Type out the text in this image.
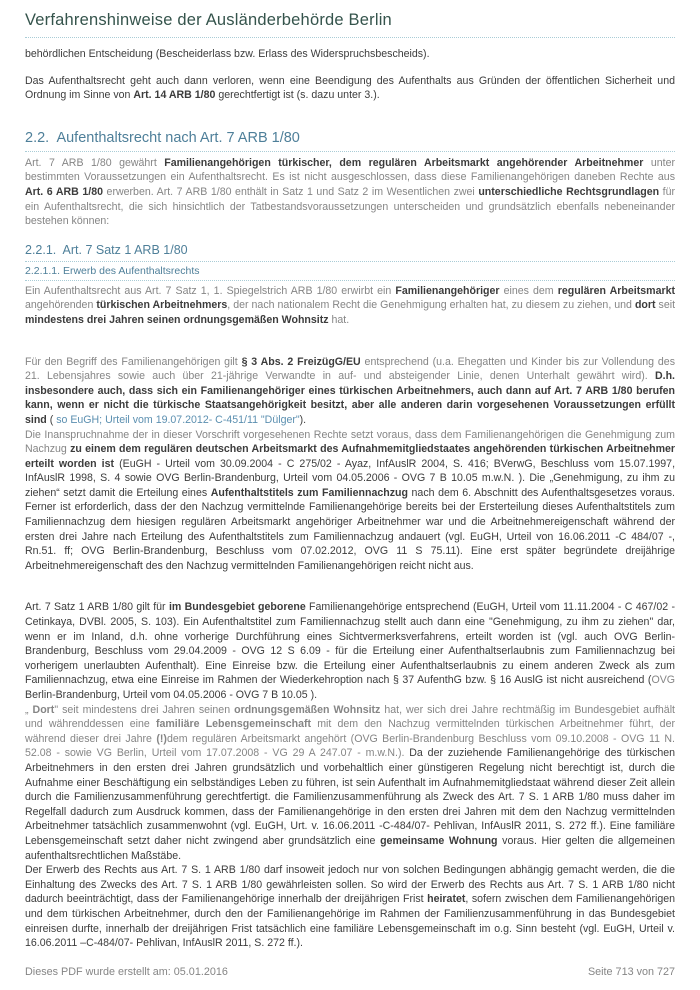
Verfahrenshinweise der Ausländerbehörde Berlin

behördlichen Entscheidung (Bescheiderlass bzw. Erlass des Widerspruchsbescheids).

Das Aufenthaltsrecht geht auch dann verloren, wenn eine Beendigung des Aufenthalts aus Gründen der öffentlichen Sicherheit und Ordnung im Sinne von Art. 14 ARB 1/80 gerechtfertigt ist (s. dazu unter 3.).

2.2.  Aufenthaltsrecht nach Art. 7 ARB 1/80

Art. 7 ARB 1/80 gewährt Familienangehörigen türkischer, dem regulären Arbeitsmarkt angehörender Arbeitnehmer unter bestimmten Voraussetzungen ein Aufenthaltsrecht. Es ist nicht ausgeschlossen, dass diese Familienangehörigen daneben Rechte aus Art. 6 ARB 1/80 erwerben. Art. 7 ARB 1/80 enthält in Satz 1 und Satz 2 im Wesentlichen zwei unterschiedliche Rechtsgrundlagen für ein Aufenthaltsrecht, die sich hinsichtlich der Tatbestandsvoraussetzungen unterscheiden und grundsätzlich ebenfalls nebeneinander bestehen können:

2.2.1.  Art. 7 Satz 1 ARB 1/80
2.2.1.1. Erwerb des Aufenthaltsrechts

Ein Aufenthaltsrecht aus Art. 7 Satz 1, 1. Spiegelstrich ARB 1/80 erwirbt ein Familienangehöriger eines dem regulären Arbeitsmarkt angehörenden türkischen Arbeitnehmers, der nach nationalem Recht die Genehmigung erhalten hat, zu diesem zu ziehen, und dort seit mindestens drei Jahren seinen ordnungsgemäßen Wohnsitz hat.

Für den Begriff des Familienangehörigen gilt § 3 Abs. 2 FreizügG/EU entsprechend (u.a. Ehegatten und Kinder bis zur Vollendung des 21. Lebensjahres sowie auch über 21-jährige Verwandte in auf- und absteigender Linie, denen Unterhalt gewährt wird). D.h. insbesondere auch, dass sich ein Familienangehöriger eines türkischen Arbeitnehmers, auch dann auf Art. 7 ARB 1/80 berufen kann, wenn er nicht die türkische Staatsangehörigkeit besitzt, aber alle anderen darin vorgesehenen Voraussetzungen erfüllt sind ( so EuGH; Urteil vom 19.07.2012- C-451/11 "Dülger").

Die Inanspruchnahme der in dieser Vorschrift vorgesehenen Rechte setzt voraus, dass dem Familienangehörigen die Genehmigung zum Nachzug zu einem dem regulären deutschen Arbeitsmarkt des Aufnahmemitgliedstaates angehörenden türkischen Arbeitnehmer erteilt worden ist (EuGH - Urteil vom 30.09.2004 - C 275/02 - Ayaz, InfAuslR 2004, S. 416; BVerwG, Beschluss vom 15.07.1997, InfAuslR 1998, S. 4 sowie OVG Berlin-Brandenburg, Urteil vom 04.05.2006 - OVG 7 B 10.05 m.w.N. ). Die „Genehmigung, zu ihm zu ziehen“ setzt damit die Erteilung eines Aufenthaltstitels zum Familiennachzug nach dem 6. Abschnitt des Aufenthaltsgesetzes voraus. Ferner ist erforderlich, dass der den Nachzug vermittelnde Familienangehörige bereits bei der Ersterteilung dieses Aufenthaltstitels zum Familiennachzug dem hiesigen regulären Arbeitsmarkt angehöriger Arbeitnehmer war und die Arbeitnehmereigenschaft während der ersten drei Jahre nach Erteilung des Aufenthaltstitels zum Familiennachzug andauert (vgl. EuGH, Urteil von 16.06.2011 -C 484/07 -, Rn.51. ff; OVG Berlin-Brandenburg, Beschluss vom 07.02.2012, OVG 11 S 75.11). Eine erst später begründete dreijährige Arbeitnehmereigenschaft des den Nachzug vermittelnden Familienangehörigen reicht nicht aus.

Art. 7 Satz 1 ARB 1/80 gilt für im Bundesgebiet geborene Familienangehörige entsprechend (EuGH, Urteil vom 11.11.2004 - C 467/02 - Cetinkaya, DVBl. 2005, S. 103). Ein Aufenthaltstitel zum Familiennachzug stellt auch dann eine "Genehmigung, zu ihm zu ziehen" dar, wenn er im Inland, d.h. ohne vorherige Durchführung eines Sichtvermerksverfahrens, erteilt worden ist (vgl. auch OVG Berlin-Brandenburg, Beschluss vom 29.04.2009 - OVG 12 S 6.09 - für die Erteilung einer Aufenthaltserlaubnis zum Familiennachzug bei vorherigem unerlaubten Aufenthalt). Eine Einreise bzw. die Erteilung einer Aufenthaltserlaubnis zu einem anderen Zweck als zum Familiennachzug, etwa eine Einreise im Rahmen der Wiederkehroption nach § 37 AufenthG bzw. § 16 AuslG ist nicht ausreichend (OVG Berlin-Brandenburg, Urteil vom 04.05.2006 - OVG 7 B 10.05 ).

„ Dort" seit mindestens drei Jahren seinen ordnungsgemäßen Wohnsitz hat, wer sich drei Jahre rechtmäßig im Bundesgebiet aufhält und währenddessen eine familiäre Lebensgemeinschaft mit dem den Nachzug vermittelnden türkischen Arbeitnehmer führt, der während dieser drei Jahre (!)dem regulären Arbeitsmarkt angehört (OVG Berlin-Brandenburg Beschluss vom 09.10.2008 - OVG 11 N. 52.08 - sowie VG Berlin, Urteil vom 17.07.2008 - VG 29 A 247.07 - m.w.N.). Da der zuziehende Familienangehörige des türkischen Arbeitnehmers in den ersten drei Jahren grundsätzlich und vorbehaltlich einer günstigeren Regelung nicht berechtigt ist, durch die Aufnahme einer Beschäftigung ein selbständiges Leben zu führen, ist sein Aufenthalt im Aufnahmemitgliedstaat während dieser Zeit allein durch die Familienzusammenführung gerechtfertigt. die Familienzusammenführung als Zweck des Art. 7 S. 1 ARB 1/80 muss daher im Regelfall dadurch zum Ausdruck kommen, dass der Familienangehörige in den ersten drei Jahren mit dem den Nachzug vermittelnden Arbeitnehmer tatsächlich zusammenwohnt (vgl. EuGH, Urt. v. 16.06.2011 -C-484/07- Pehlivan, InfAuslR 2011, S. 272 ff.). Eine familiäre Lebensgemeinschaft setzt daher nicht zwingend aber grundsätzlich eine gemeinsame Wohnung voraus. Hier gelten die allgemeinen aufenthaltsrechtlichen Maßstäbe.

Der Erwerb des Rechts aus Art. 7 S. 1 ARB 1/80 darf insoweit jedoch nur von solchen Bedingungen abhängig gemacht werden, die die Einhaltung des Zwecks des Art. 7 S. 1 ARB 1/80 gewährleisten sollen. So wird der Erwerb des Rechts aus Art. 7 S. 1 ARB 1/80 nicht dadurch beeinträchtigt, dass der Familienangehörige innerhalb der dreijährigen Frist heiratet, sofern zwischen dem Familienangehörigen und dem türkischen Arbeitnehmer, durch den der Familienangehörige im Rahmen der Familienzusammenführung in das Bundesgebiet einreisen durfte, innerhalb der dreijährigen Frist tatsächlich eine familiäre Lebensgemeinschaft im o.g. Sinn besteht (vgl. EuGH, Urteil v. 16.06.2011 –C-484/07- Pehlivan, InfAuslR 2011, S. 272 ff.).

Dieses PDF wurde erstellt am: 05.01.2016	Seite 713 von 727
